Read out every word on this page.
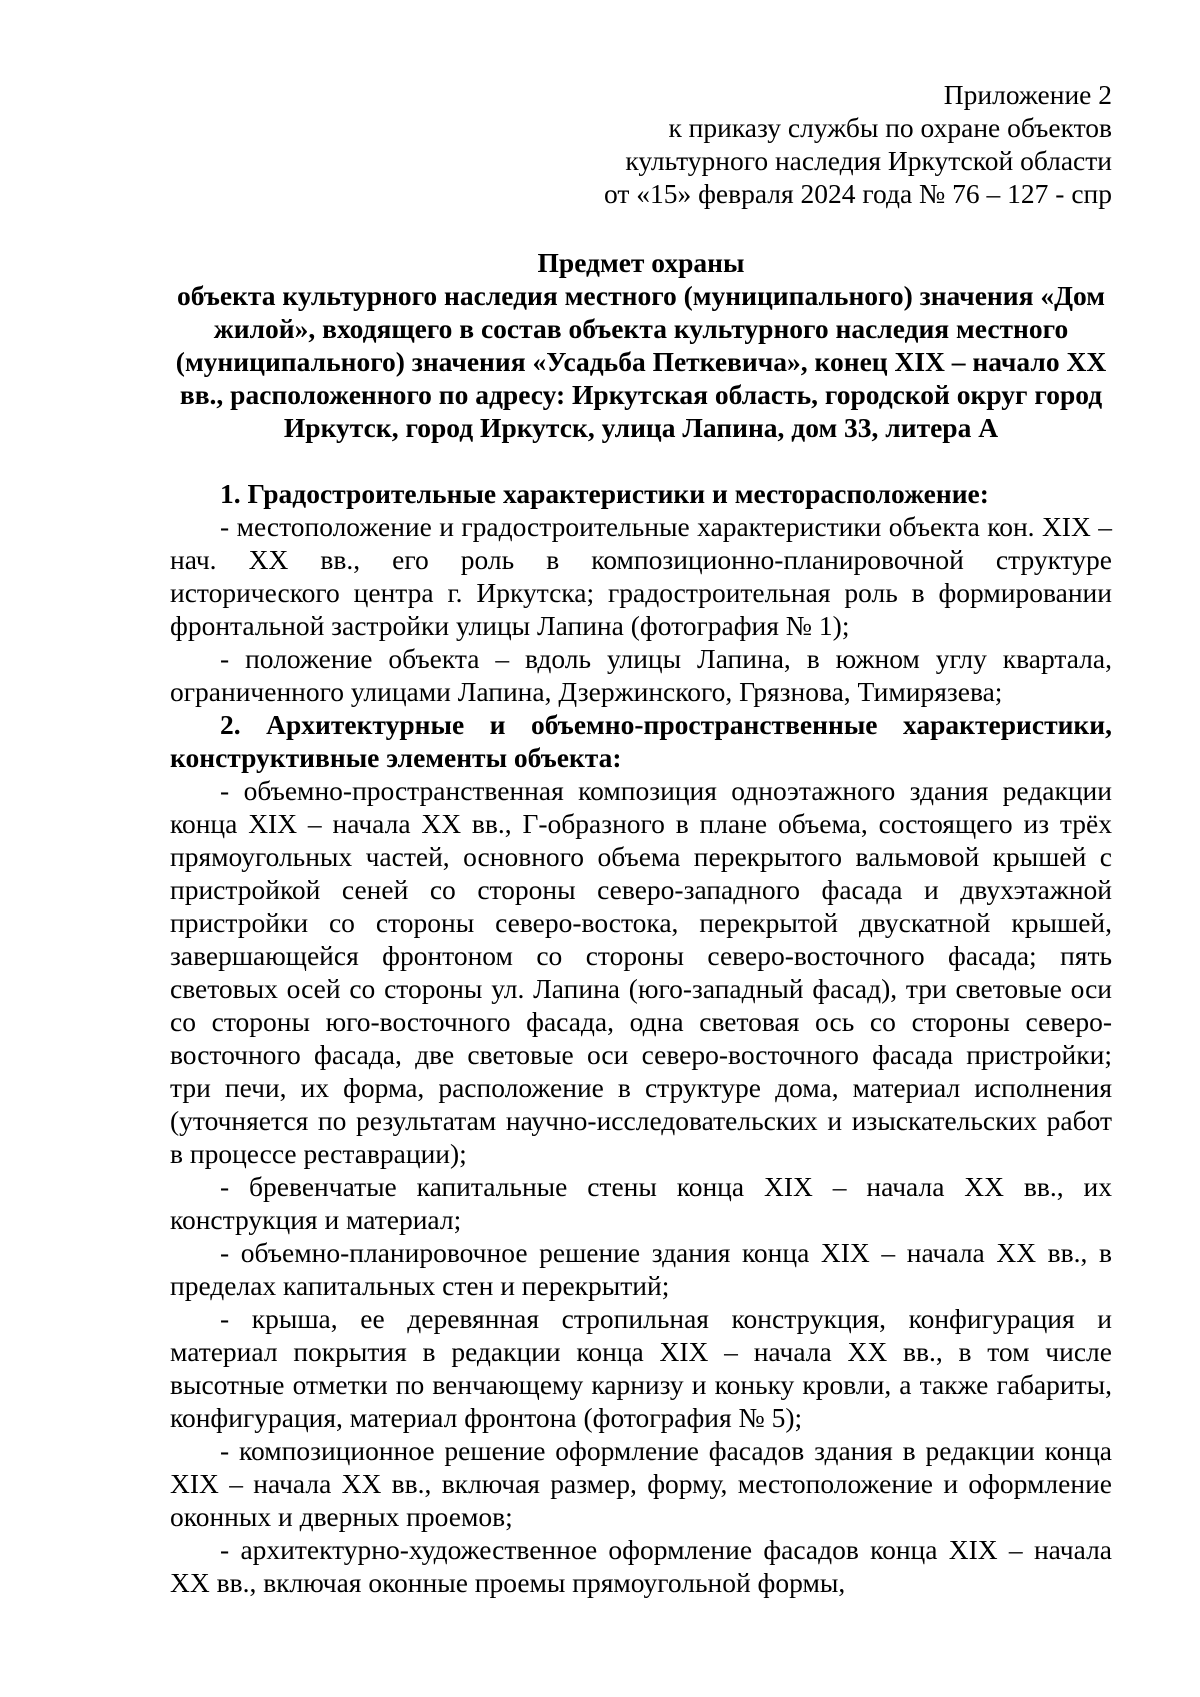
Приложение 2
к приказу службы по охране объектов
культурного наследия Иркутской области
от «15» февраля 2024 года № 76 – 127 - спр
Предмет охраны
объекта культурного наследия местного (муниципального) значения «Дом жилой», входящего в состав объекта культурного наследия местного (муниципального) значения «Усадьба Петкевича», конец XIX – начало XX вв., расположенного по адресу: Иркутская область, городской округ город Иркутск, город Иркутск, улица Лапина, дом 33, литера А

1. Градостроительные характеристики и месторасположение:

- местоположение и градостроительные характеристики объекта кон. XIX – нач. XX вв., его роль в композиционно-планировочной структуре исторического центра г. Иркутска; градостроительная роль в формировании фронтальной застройки улицы Лапина (фотография № 1);

- положение объекта – вдоль улицы Лапина, в южном углу квартала, ограниченного улицами Лапина, Дзержинского, Грязнова, Тимирязева;

2. Архитектурные и объемно-пространственные характеристики, конструктивные элементы объекта:

- объемно-пространственная композиция одноэтажного здания редакции конца XIX – начала XX вв., Г-образного в плане объема, состоящего из трёх прямоугольных частей, основного объема перекрытого вальмовой крышей с пристройкой сеней со стороны северо-западного фасада и двухэтажной пристройки со стороны северо-востока, перекрытой двускатной крышей, завершающейся фронтоном со стороны северо-восточного фасада; пять световых осей со стороны ул. Лапина (юго-западный фасад), три световые оси со стороны юго-восточного фасада, одна световая ось со стороны северо-восточного фасада, две световые оси северо-восточного фасада пристройки; три печи, их форма, расположение в структуре дома, материал исполнения (уточняется по результатам научно-исследовательских и изыскательских работ в процессе реставрации);

- бревенчатые капитальные стены конца XIX – начала XX вв., их конструкция и материал;

- объемно-планировочное решение здания конца XIX – начала XX вв., в пределах капитальных стен и перекрытий;

- крыша, ее деревянная стропильная конструкция, конфигурация и материал покрытия в редакции конца XIX – начала XX вв., в том числе высотные отметки по венчающему карнизу и коньку кровли, а также габариты, конфигурация, материал фронтона (фотография № 5);

- композиционное решение оформление фасадов здания в редакции конца XIX – начала XX вв., включая размер, форму, местоположение и оформление оконных и дверных проемов;

- архитектурно-художественное оформление фасадов конца XIX – начала XX вв., включая оконные проемы прямоугольной формы,
